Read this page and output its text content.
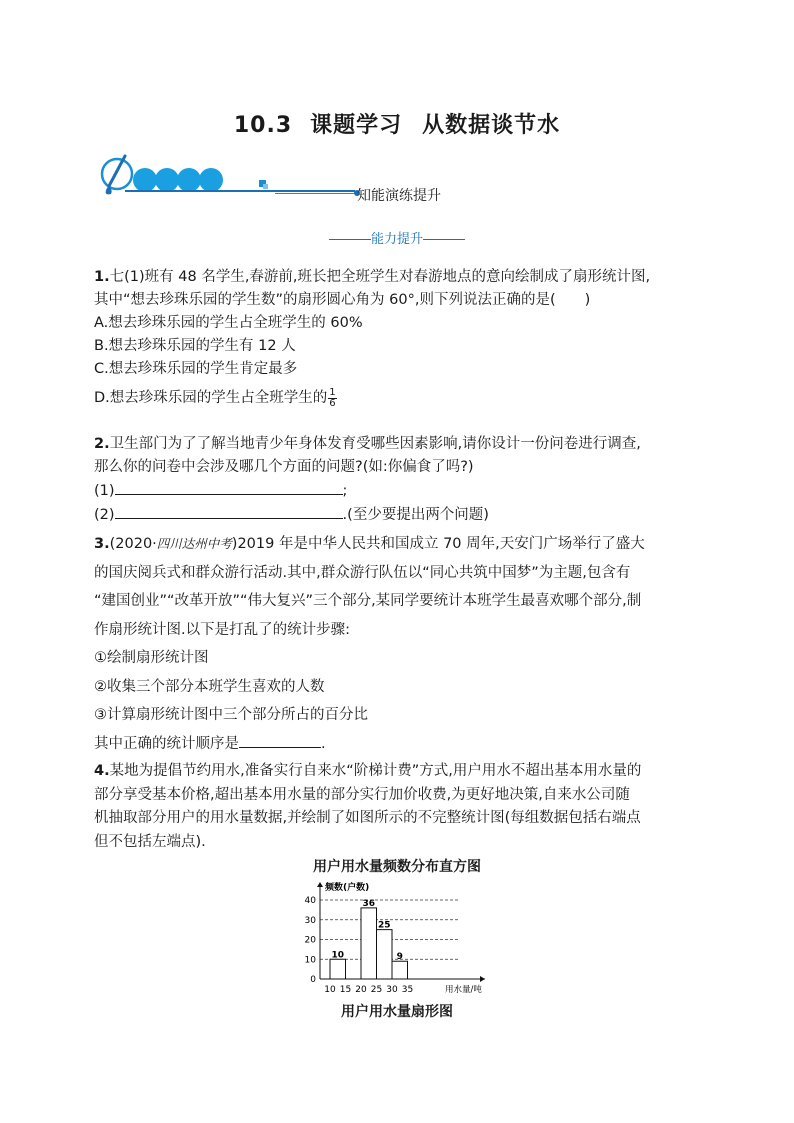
10.3 课题学习 从数据谈节水
知能演练提升
能力提升
1.七(1)班有 48 名学生,春游前,班长把全班学生对春游地点的意向绘制成了扇形统计图,
其中“想去珍珠乐园的学生数”的扇形圆心角为 60°,则下列说法正确的是(　　)
A.想去珍珠乐园的学生占全班学生的 60%
B.想去珍珠乐园的学生有 12 人
C.想去珍珠乐园的学生肯定最多
D.想去珍珠乐园的学生占全班学生的 $\frac{1}{6}$
2.卫生部门为了了解当地青少年身体发育受哪些因素影响,请你设计一份问卷进行调查,
那么你的问卷中会涉及哪几个方面的问题?(如:你偏食了吗?)
(1)	;
(2)	.(至少要提出两个问题)
3.(2020·四川达州中考)2019 年是中华人民共和国成立 70 周年,天安门广场举行了盛大
的国庆阅兵式和群众游行活动.其中,群众游行队伍以“同心共筑中国梦”为主题,包含有
“建国创业”“改革开放”“伟大复兴”三个部分,某同学要统计本班学生最喜欢哪个部分,制
作扇形统计图.以下是打乱了的统计步骤:
①绘制扇形统计图
②收集三个部分本班学生喜欢的人数
③计算扇形统计图中三个部分所占的百分比
其中正确的统计顺序是	.
4.某地为提倡节约用水,准备实行自来水“阶梯计费”方式,用户用水不超出基本用水量的
部分享受基本价格,超出基本用水量的部分实行加价收费,为更好地决策,自来水公司随
机抽取部分用户的用水量数据,并绘制了如图所示的不完整统计图(每组数据包括右端点
但不包括左端点).
用户用水量频数分布直方图
0
10
20
30
40
频数(户数)
用水量/吨
10 15 20 25 30 35
10
36
25
9
用户用水量扇形图
